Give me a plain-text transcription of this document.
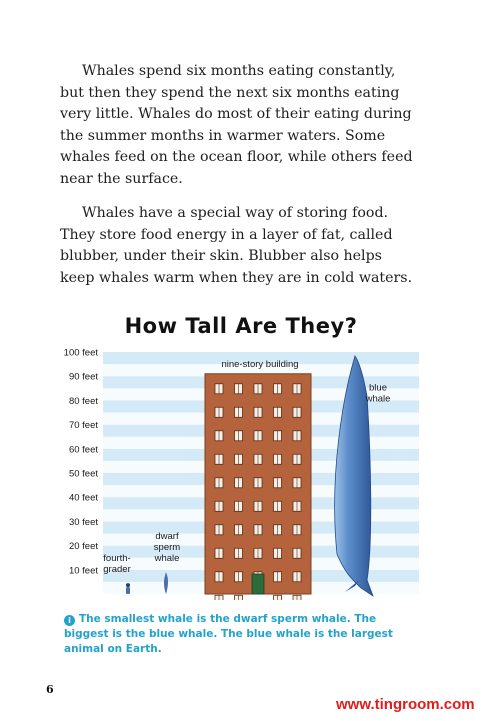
Whales spend six months eating constantly, but then they spend the next six months eating very little. Whales do most of their eating during the summer months in warmer waters. Some whales feed on the ocean floor, while others feed near the surface.

Whales have a special way of storing food. They store food energy in a layer of fat, called blubber, under their skin. Blubber also helps keep whales warm when they are in cold waters.

How Tall Are They?
10 feet
20 feet
30 feet
40 feet
50 feet
60 feet
70 feet
80 feet
90 feet
100 feet
fourth-
grader
dwarf
sperm
whale
nine-story building
blue
whale
i The smallest whale is the dwarf sperm whale. The biggest is the blue whale. The blue whale is the largest animal on Earth.
6
www.tingroom.com
